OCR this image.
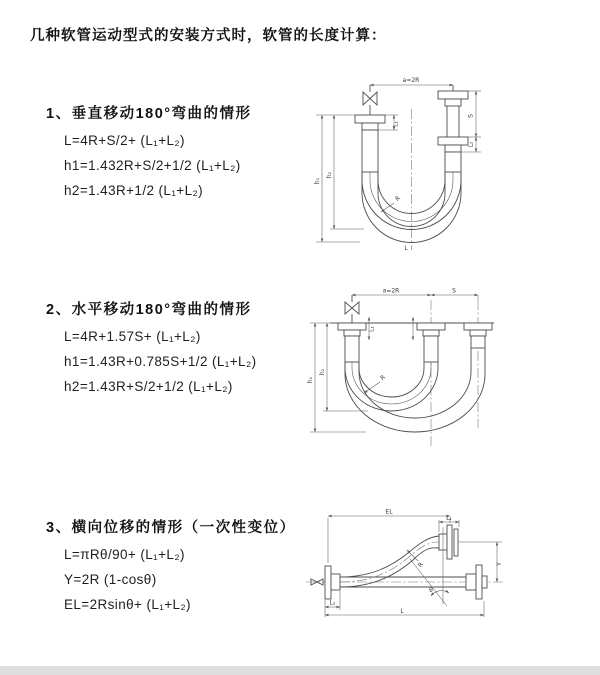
几种软管运动型式的安装方式时，软管的长度计算：
1、垂直移动180°弯曲的情形
L=4R+S/2+ (L₁+L₂)
h1=1.432R+S/2+1/2 (L₁+L₂)
h2=1.43R+1/2 (L₁+L₂)
a=2R
L₁
S
L₂
h₁
h₂
R
L
2、水平移动180°弯曲的情形
L=4R+1.57S+ (L₁+L₂)
h1=1.43R+0.785S+1/2 (L₁+L₂)
h2=1.43R+S/2+1/2 (L₁+L₂)
a=2R	S
L₁
h₁
h₂
R
3、横向位移的情形（一次性变位）
L=πRθ/90+ (L₁+L₂)
Y=2R (1-cosθ)
EL=2Rsinθ+ (L₁+L₂)
EL
L₁
Y
R
θ
L₂
L
